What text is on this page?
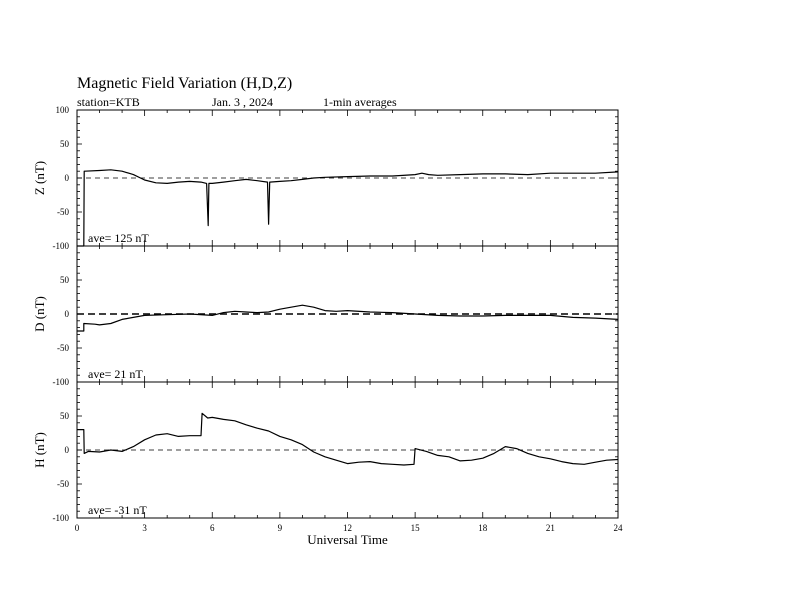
Magnetic Field Variation (H,D,Z)
station=KTB	Jan. 3 , 2024	1-min averages
100
50
0
-50
-100
Z (nT)
ave= 125 nT
50
0
-50
-100
D (nT)
ave= 21 nT
50
0
-50
-100
H (nT)
ave= -31 nT
0	3	6	9	12	15	18	21	24
Universal Time
